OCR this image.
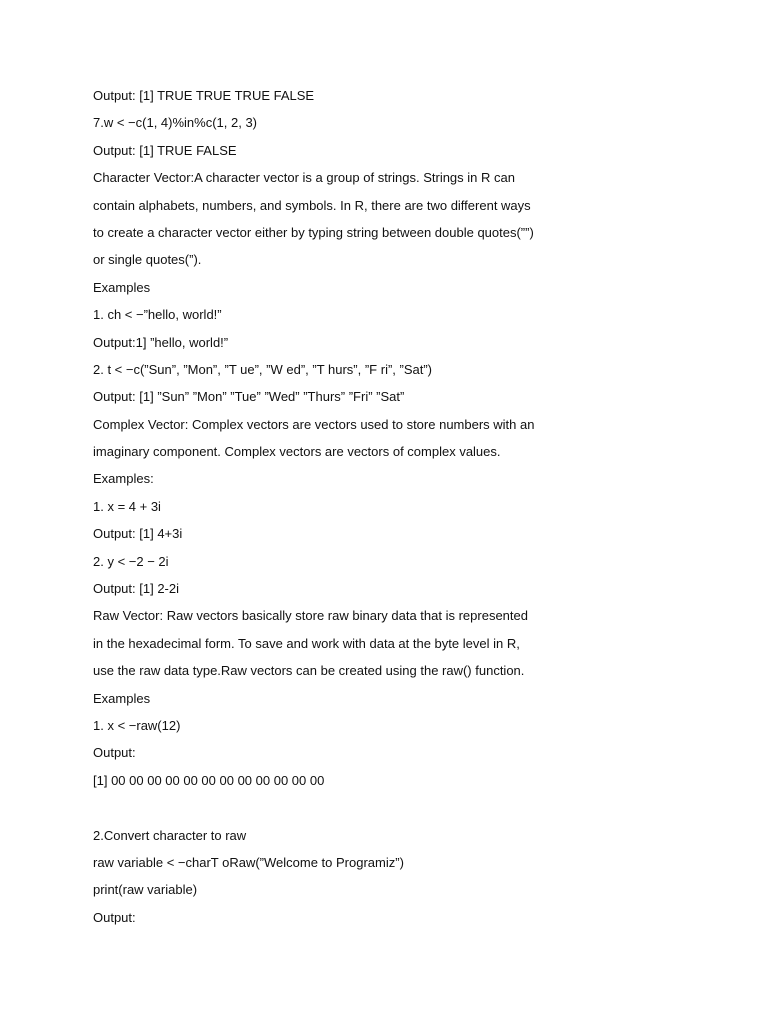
Output: [1] TRUE TRUE TRUE FALSE
7.w < −c(1, 4)%in%c(1, 2, 3)
Output: [1] TRUE FALSE
Character Vector:A character vector is a group of strings. Strings in R can
contain alphabets, numbers, and symbols. In R, there are two different ways
to create a character vector either by typing string between double quotes(””)
or single quotes(”).
Examples
1. ch < −”hello, world!”
Output:1] ”hello, world!”
2. t < −c(”Sun”, ”Mon”, ”T ue”, ”W ed”, ”T hurs”, ”F ri”, ”Sat”)
Output: [1] ”Sun” ”Mon” ”Tue” ”Wed” ”Thurs” ”Fri” ”Sat”
Complex Vector: Complex vectors are vectors used to store numbers with an
imaginary component. Complex vectors are vectors of complex values.
Examples:
1. x = 4 + 3i
Output: [1] 4+3i
2. y < −2 − 2i
Output: [1] 2-2i
Raw Vector: Raw vectors basically store raw binary data that is represented
in the hexadecimal form. To save and work with data at the byte level in R,
use the raw data type.Raw vectors can be created using the raw() function.
Examples
1. x < −raw(12)
Output:
[1] 00 00 00 00 00 00 00 00 00 00 00 00
2.Convert character to raw
raw variable < −charT oRaw(”Welcome to Programiz”)
print(raw variable)
Output:
